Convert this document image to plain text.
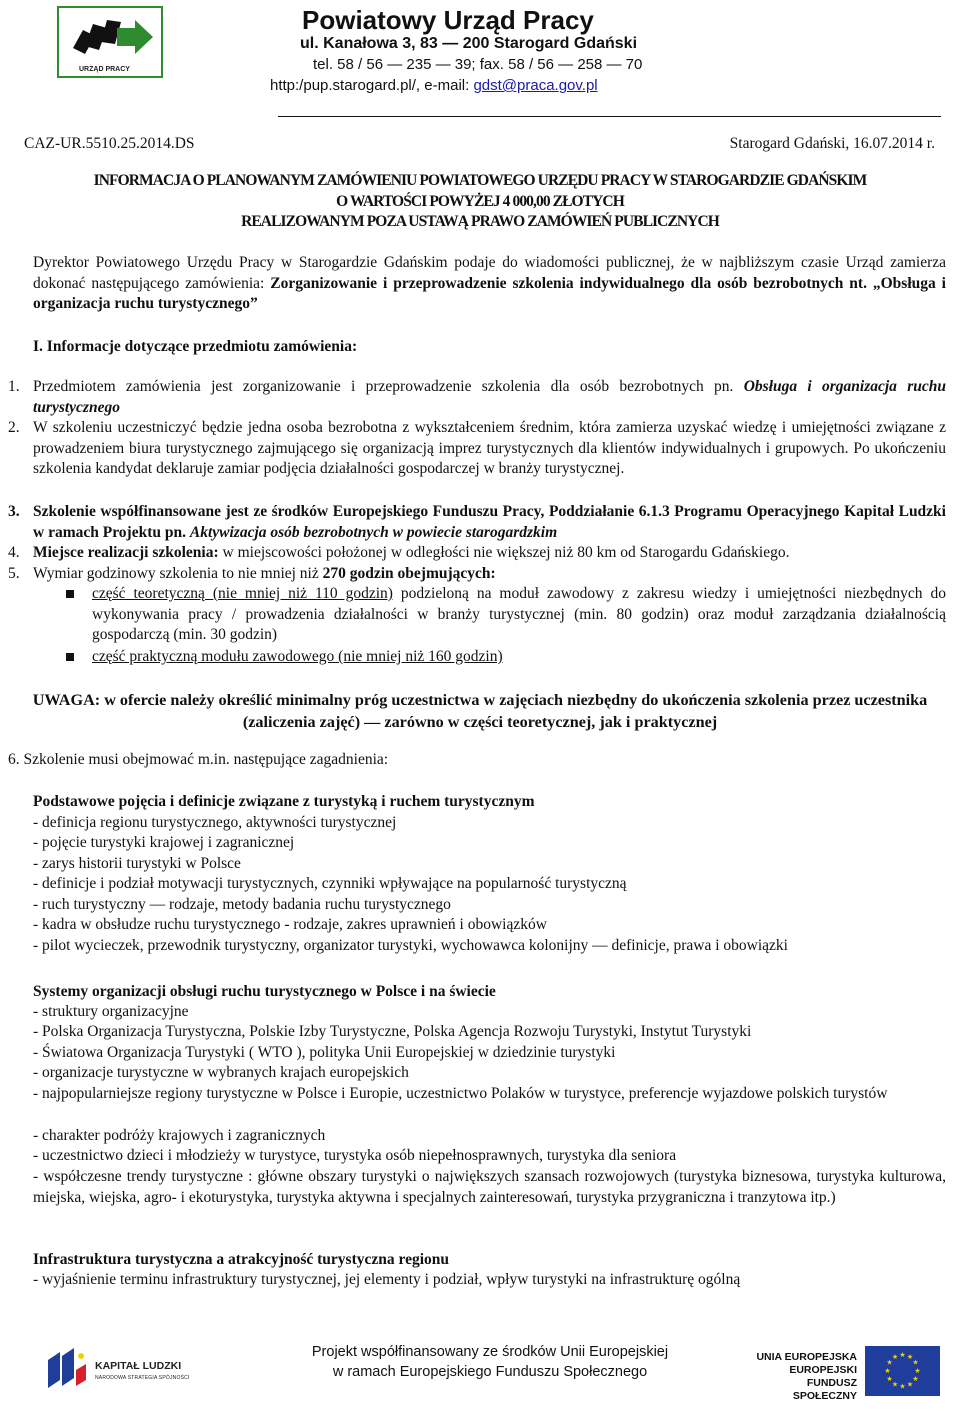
URZĄD PRACY
Powiatowy Urząd Pracy
ul. Kanałowa 3, 83 — 200 Starogard Gdański
tel. 58 / 56 — 235 — 39; fax. 58 / 56 — 258 — 70
http:/pup.starogard.pl/, e-mail: gdst@praca.gov.pl
CAZ-UR.5510.25.2014.DS	Starogard Gdański, 16.07.2014 r.
INFORMACJA O PLANOWANYM ZAMÓWIENIU POWIATOWEGO URZĘDU PRACY W STAROGARDZIE GDAŃSKIM
O WARTOŚCI POWYŻEJ 4 000,00 ZŁOTYCH
REALIZOWANYM POZA USTAWĄ PRAWO ZAMÓWIEŃ PUBLICZNYCH
Dyrektor Powiatowego Urzędu Pracy w Starogardzie Gdańskim podaje do wiadomości publicznej, że w najbliższym czasie Urząd zamierza dokonać następującego zamówienia: Zorganizowanie i przeprowadzenie szkolenia indywidualnego dla osób bezrobotnych nt. „Obsługa i organizacja ruchu turystycznego”
I. Informacje dotyczące przedmiotu zamówienia:
1. Przedmiotem zamówienia jest zorganizowanie i przeprowadzenie szkolenia dla osób bezrobotnych pn. Obsługa i organizacja ruchu turystycznego
2. W szkoleniu uczestniczyć będzie jedna osoba bezrobotna z wykształceniem średnim, która zamierza uzyskać wiedzę i umiejętności związane z prowadzeniem biura turystycznego zajmującego się organizacją imprez turystycznych dla klientów indywidualnych i grupowych. Po ukończeniu szkolenia kandydat deklaruje zamiar podjęcia działalności gospodarczej w branży turystycznej.
3. Szkolenie współfinansowane jest ze środków Europejskiego Funduszu Pracy, Poddziałanie 6.1.3 Programu Operacyjnego Kapitał Ludzki w ramach Projektu pn. Aktywizacja osób bezrobotnych w powiecie starogardzkim
4. Miejsce realizacji szkolenia: w miejscowości położonej w odległości nie większej niż 80 km od Starogardu Gdańskiego.
5. Wymiar godzinowy szkolenia to nie mniej niż 270 godzin obejmujących:
część teoretyczną (nie mniej niż 110 godzin) podzieloną na moduł zawodowy z zakresu wiedzy i umiejętności niezbędnych do wykonywania pracy / prowadzenia działalności w branży turystycznej (min. 80 godzin) oraz moduł zarządzania działalnością gospodarczą (min. 30 godzin)
część praktyczną modułu zawodowego (nie mniej niż 160 godzin)
UWAGA: w ofercie należy określić minimalny próg uczestnictwa w zajęciach niezbędny do ukończenia szkolenia przez uczestnika (zaliczenia zajęć) — zarówno w części teoretycznej, jak i praktycznej
6. Szkolenie musi obejmować m.in. następujące zagadnienia:
Podstawowe pojęcia i definicje związane z turystyką i ruchem turystycznym
- definicja regionu turystycznego, aktywności turystycznej
- pojęcie turystyki krajowej i zagranicznej
- zarys historii turystyki w Polsce
- definicje i podział motywacji turystycznych, czynniki wpływające na popularność turystyczną
- ruch turystyczny — rodzaje, metody badania ruchu turystycznego
- kadra w obsłudze ruchu turystycznego - rodzaje, zakres uprawnień i obowiązków
- pilot wycieczek, przewodnik turystyczny, organizator turystyki, wychowawca kolonijny — definicje, prawa i obowiązki
Systemy organizacji obsługi ruchu turystycznego w Polsce i na świecie
- struktury organizacyjne
- Polska Organizacja Turystyczna, Polskie Izby Turystyczne, Polska Agencja Rozwoju Turystyki, Instytut Turystyki
- Światowa Organizacja Turystyki ( WTO ), polityka Unii Europejskiej w dziedzinie turystyki
- organizacje turystyczne w wybranych krajach europejskich
- najpopularniejsze regiony turystyczne w Polsce i Europie, uczestnictwo Polaków w turystyce, preferencje wyjazdowe polskich turystów
- charakter podróży krajowych i zagranicznych
- uczestnictwo dzieci i młodzieży w turystyce, turystyka osób niepełnosprawnych, turystyka dla seniora
- współczesne trendy turystyczne : główne obszary turystyki o największych szansach rozwojowych (turystyka biznesowa, turystyka kulturowa, miejska, wiejska, agro- i ekoturystyka, turystyka aktywna i specjalnych zainteresowań, turystyka przygraniczna i tranzytowa itp.)
Infrastruktura turystyczna a atrakcyjność turystyczna regionu
- wyjaśnienie terminu infrastruktury turystycznej, jej elementy i podział, wpływ turystyki na infrastrukturę ogólną
KAPITAŁ LUDZKI
NARODOWA STRATEGIA SPÓJNOŚCI
Projekt współfinansowany ze środków Unii Europejskiej
w ramach Europejskiego Funduszu Społecznego
UNIA EUROPEJSKA
EUROPEJSKI
FUNDUSZ SPOŁECZNY
★ ★
★
★
★
★
★
★
★
★
★
★
